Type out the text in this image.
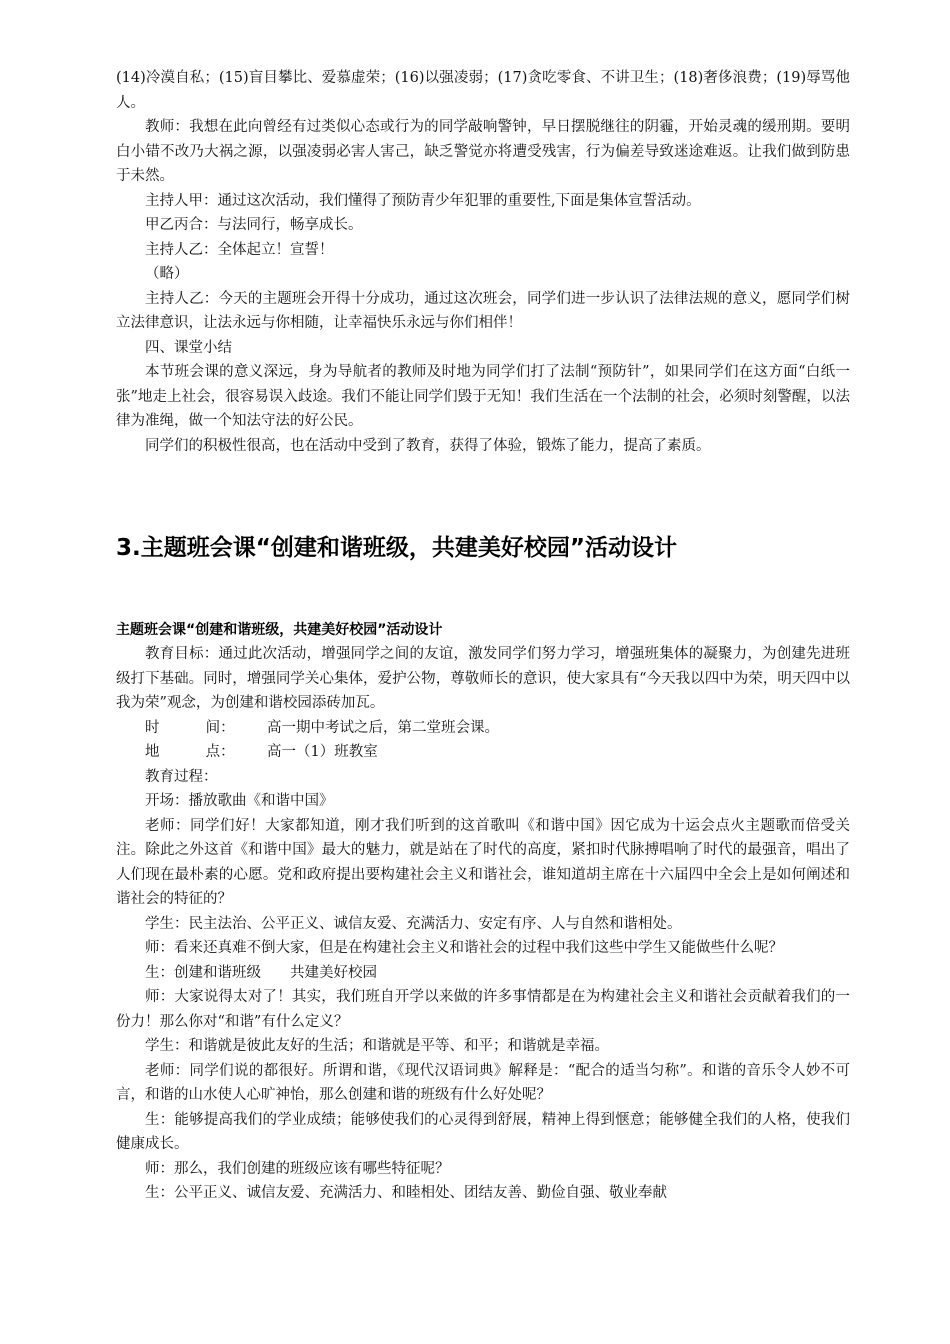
(14)冷漠自私；(15)盲目攀比、爱慕虚荣；(16)以强凌弱；(17)贪吃零食、不讲卫生；(18)奢侈浪费；(19)辱骂他人。

教师：我想在此向曾经有过类似心态或行为的同学敲响警钟，早日摆脱继往的阴霾，开始灵魂的缓刑期。要明白小错不改乃大祸之源，以强凌弱必害人害己，缺乏警觉亦将遭受残害，行为偏差导致迷途难返。让我们做到防患于未然。

主持人甲：通过这次活动，我们懂得了预防青少年犯罪的重要性,下面是集体宣誓活动。

甲乙丙合：与法同行，畅享成长。

主持人乙：全体起立！宣誓！

（略）

主持人乙：今天的主题班会开得十分成功，通过这次班会，同学们进一步认识了法律法规的意义，愿同学们树立法律意识，让法永远与你相随，让幸福快乐永远与你们相伴！

四、课堂小结

本节班会课的意义深远，身为导航者的教师及时地为同学们打了法制“预防针”，如果同学们在这方面“白纸一张”地走上社会，很容易误入歧途。我们不能让同学们毁于无知！我们生活在一个法制的社会，必须时刻警醒，以法律为准绳，做一个知法守法的好公民。

同学们的积极性很高，也在活动中受到了教育，获得了体验，锻炼了能力，提高了素质。

3.主题班会课“创建和谐班级，共建美好校园”活动设计

主题班会课“创建和谐班级，共建美好校园”活动设计

教育目标：通过此次活动，增强同学之间的友谊，激发同学们努力学习，增强班集体的凝聚力，为创建先进班级打下基础。同时，增强同学关心集体，爱护公物，尊敬师长的意识，使大家具有“今天我以四中为荣，明天四中以我为荣”观念，为创建和谐校园添砖加瓦。

时          间：	高一期中考试之后，第二堂班会课。
地          点：	高一（1）班教室

教育过程：

开场：播放歌曲《和谐中国》

老师：同学们好！大家都知道，刚才我们听到的这首歌叫《和谐中国》因它成为十运会点火主题歌而倍受关注。除此之外这首《和谐中国》最大的魅力，就是站在了时代的高度，紧扣时代脉搏唱响了时代的最强音，唱出了人们现在最朴素的心愿。党和政府提出要构建社会主义和谐社会，谁知道胡主席在十六届四中全会上是如何阐述和谐社会的特征的？

学生：民主法治、公平正义、诚信友爱、充满活力、安定有序、人与自然和谐相处。

师：看来还真难不倒大家，但是在构建社会主义和谐社会的过程中我们这些中学生又能做些什么呢？

生：创建和谐班级　　共建美好校园

师：大家说得太对了！其实，我们班自开学以来做的许多事情都是在为构建社会主义和谐社会贡献着我们的一份力！那么你对“和谐”有什么定义？

学生：和谐就是彼此友好的生活；和谐就是平等、和平；和谐就是幸福。

老师：同学们说的都很好。所谓和谐，《现代汉语词典》解释是：“配合的适当匀称”。和谐的音乐令人妙不可言，和谐的山水使人心旷神怡，那么创建和谐的班级有什么好处呢？

生：能够提高我们的学业成绩；能够使我们的心灵得到舒展，精神上得到惬意；能够健全我们的人格，使我们健康成长。

师：那么，我们创建的班级应该有哪些特征呢？

生：公平正义、诚信友爱、充满活力、和睦相处、团结友善、勤俭自强、敬业奉献
